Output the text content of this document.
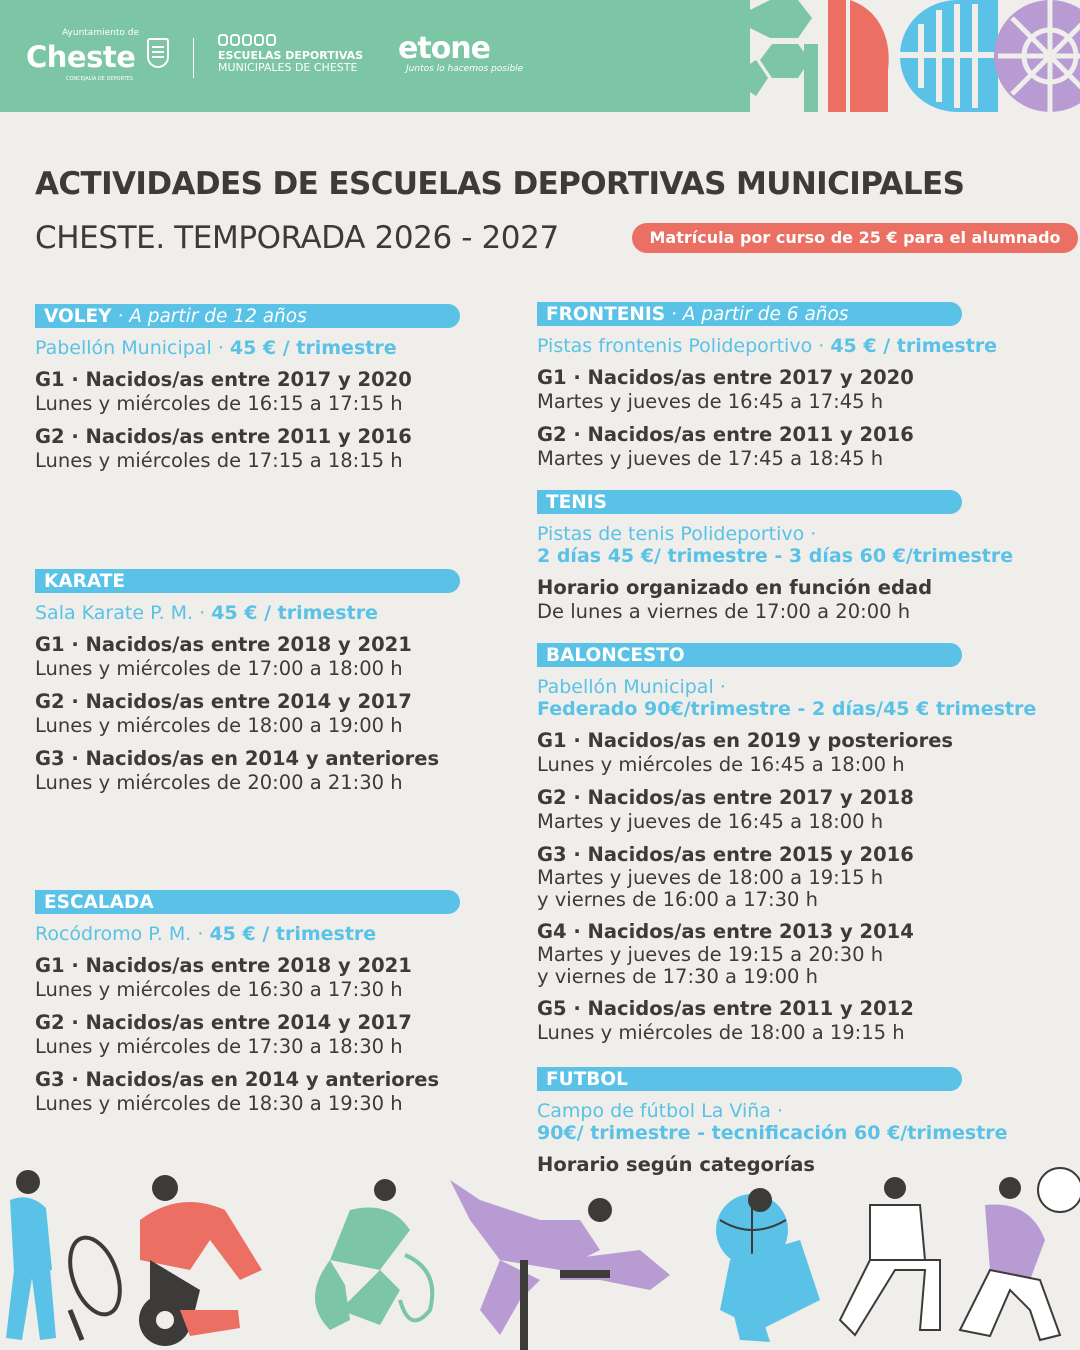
Ayuntamiento de
Cheste
CONCEJALÍA DE DEPORTES
ESCUELAS DEPORTIVAS
MUNICIPALES DE CHESTE
etone
Juntos lo hacemos posible
ACTIVIDADES DE ESCUELAS DEPORTIVAS MUNICIPALES
CHESTE. TEMPORADA 2026 - 2027	Matrícula por curso de 25 € para el alumnado
VOLEY · A partir de 12 años
Pabellón Municipal · 45 € / trimestre
G1 · Nacidos/as entre 2017 y 2020
Lunes y miércoles de 16:15 a 17:15 h
G2 · Nacidos/as entre 2011 y 2016
Lunes y miércoles de 17:15 a 18:15 h
KARATE
Sala Karate P. M. · 45 € / trimestre
G1 · Nacidos/as entre 2018 y 2021
Lunes y miércoles de 17:00 a 18:00 h
G2 · Nacidos/as entre 2014 y 2017
Lunes y miércoles de 18:00 a 19:00 h
G3 · Nacidos/as en 2014 y anteriores
Lunes y miércoles de 20:00 a 21:30 h
ESCALADA
Rocódromo P. M. · 45 € / trimestre
G1 · Nacidos/as entre 2018 y 2021
Lunes y miércoles de 16:30 a 17:30 h
G2 · Nacidos/as entre 2014 y 2017
Lunes y miércoles de 17:30 a 18:30 h
G3 · Nacidos/as en 2014 y anteriores
Lunes y miércoles de 18:30 a 19:30 h
FRONTENIS · A partir de 6 años
Pistas frontenis Polideportivo · 45 € / trimestre
G1 · Nacidos/as entre 2017 y 2020
Martes y jueves de 16:45 a 17:45 h
G2 · Nacidos/as entre 2011 y 2016
Martes y jueves de 17:45 a 18:45 h
TENIS
Pistas de tenis Polideportivo ·
2 días 45 €/ trimestre - 3 días 60 €/trimestre
Horario organizado en función edad
De lunes a viernes de 17:00 a 20:00 h
BALONCESTO
Pabellón Municipal ·
Federado 90€/trimestre - 2 días/45 € trimestre
G1 · Nacidos/as en 2019 y posteriores
Lunes y miércoles de 16:45 a 18:00 h
G2 · Nacidos/as entre 2017 y 2018
Martes y jueves de 16:45 a 18:00 h
G3 · Nacidos/as entre 2015 y 2016
Martes y jueves de 18:00 a 19:15 h
y viernes de 16:00 a 17:30 h
G4 · Nacidos/as entre 2013 y 2014
Martes y jueves de 19:15 a 20:30 h
y viernes de 17:30 a 19:00 h
G5 · Nacidos/as entre 2011 y 2012
Lunes y miércoles de 18:00 a 19:15 h
FUTBOL
Campo de fútbol La Viña ·
90€/ trimestre - tecnificación 60 €/trimestre
Horario según categorías
